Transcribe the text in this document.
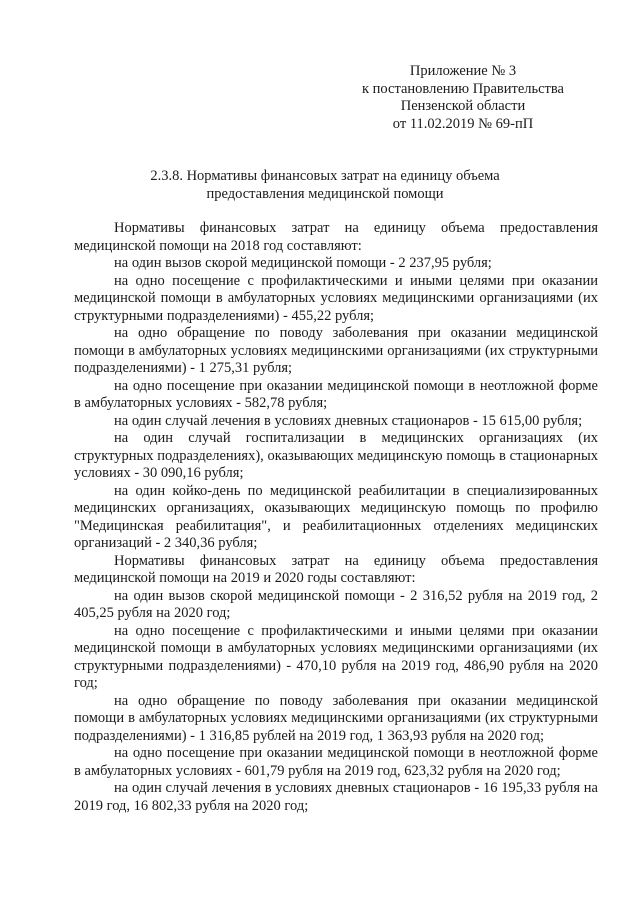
Приложение № 3
к постановлению Правительства
Пензенской области
от 11.02.2019 № 69-пП
2.3.8. Нормативы финансовых затрат на единицу объема
предоставления медицинской помощи

Нормативы финансовых затрат на единицу объема предоставления медицинской помощи на 2018 год составляют:

на один вызов скорой медицинской помощи - 2 237,95 рубля;

на одно посещение с профилактическими и иными целями при оказании медицинской помощи в амбулаторных условиях медицинскими организациями (их структурными подразделениями) - 455,22 рубля;

на одно обращение по поводу заболевания при оказании медицинской помощи в амбулаторных условиях медицинскими организациями (их структурными подразделениями) - 1 275,31 рубля;

на одно посещение при оказании медицинской помощи в неотложной форме в амбулаторных условиях - 582,78 рубля;

на один случай лечения в условиях дневных стационаров - 15 615,00 рубля;

на один случай госпитализации в медицинских организациях (их структурных подразделениях), оказывающих медицинскую помощь в стационарных условиях - 30 090,16 рубля;

на один койко-день по медицинской реабилитации в специализированных медицинских организациях, оказывающих медицинскую помощь по профилю "Медицинская реабилитация", и реабилитационных отделениях медицинских организаций - 2 340,36 рубля;

Нормативы финансовых затрат на единицу объема предоставления медицинской помощи на 2019 и 2020 годы составляют:

на один вызов скорой медицинской помощи - 2 316,52 рубля на 2019 год, 2 405,25 рубля на 2020 год;

на одно посещение с профилактическими и иными целями при оказании медицинской помощи в амбулаторных условиях медицинскими организациями (их структурными подразделениями) - 470,10 рубля на 2019 год, 486,90 рубля на 2020 год;

на одно обращение по поводу заболевания при оказании медицинской помощи в амбулаторных условиях медицинскими организациями (их структурными подразделениями) - 1 316,85 рублей на 2019 год, 1 363,93 рубля на 2020 год;

на одно посещение при оказании медицинской помощи в неотложной форме в амбулаторных условиях - 601,79 рубля на 2019 год, 623,32 рубля на 2020 год;

на один случай лечения в условиях дневных стационаров - 16 195,33 рубля на 2019 год, 16 802,33 рубля на 2020 год;
